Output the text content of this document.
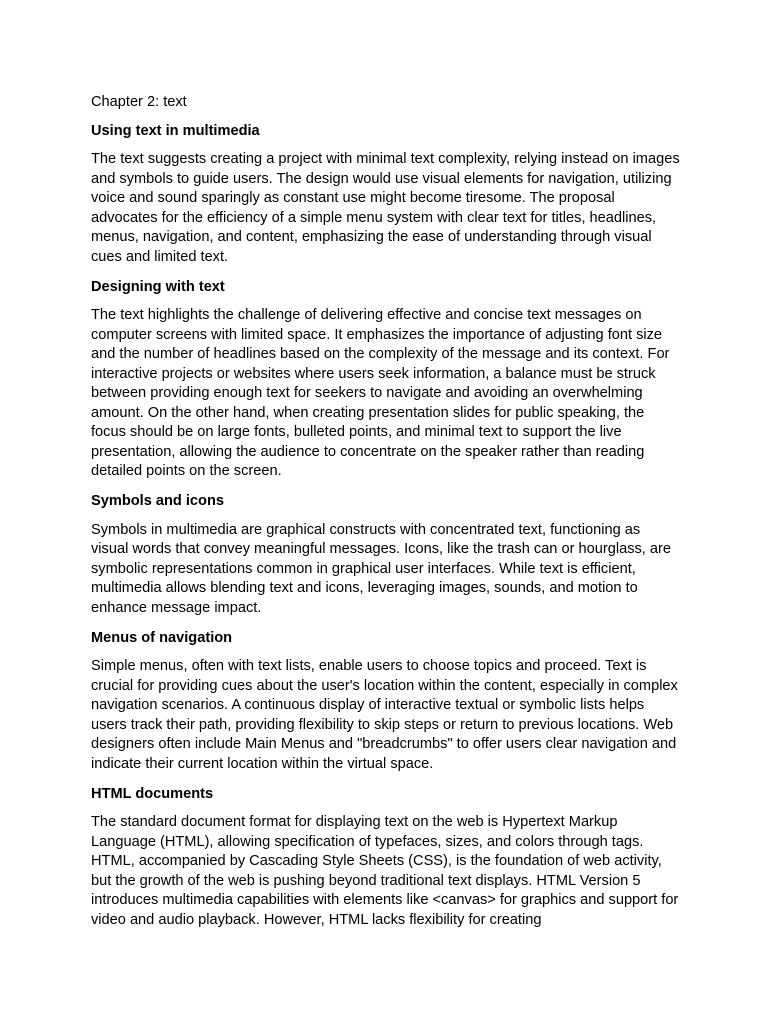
Chapter 2: text

Using text in multimedia

The text suggests creating a project with minimal text complexity, relying instead on images and symbols to guide users. The design would use visual elements for navigation, utilizing voice and sound sparingly as constant use might become tiresome. The proposal advocates for the efficiency of a simple menu system with clear text for titles, headlines, menus, navigation, and content, emphasizing the ease of understanding through visual cues and limited text.

Designing with text

The text highlights the challenge of delivering effective and concise text messages on computer screens with limited space. It emphasizes the importance of adjusting font size and the number of headlines based on the complexity of the message and its context. For interactive projects or websites where users seek information, a balance must be struck between providing enough text for seekers to navigate and avoiding an overwhelming amount. On the other hand, when creating presentation slides for public speaking, the focus should be on large fonts, bulleted points, and minimal text to support the live presentation, allowing the audience to concentrate on the speaker rather than reading detailed points on the screen.

Symbols and icons

Symbols in multimedia are graphical constructs with concentrated text, functioning as visual words that convey meaningful messages. Icons, like the trash can or hourglass, are symbolic representations common in graphical user interfaces. While text is efficient, multimedia allows blending text and icons, leveraging images, sounds, and motion to enhance message impact.

Menus of navigation

Simple menus, often with text lists, enable users to choose topics and proceed. Text is crucial for providing cues about the user's location within the content, especially in complex navigation scenarios. A continuous display of interactive textual or symbolic lists helps users track their path, providing flexibility to skip steps or return to previous locations. Web designers often include Main Menus and "breadcrumbs" to offer users clear navigation and indicate their current location within the virtual space.

HTML documents

The standard document format for displaying text on the web is Hypertext Markup Language (HTML), allowing specification of typefaces, sizes, and colors through tags. HTML, accompanied by Cascading Style Sheets (CSS), is the foundation of web activity, but the growth of the web is pushing beyond traditional text displays. HTML Version 5 introduces multimedia capabilities with elements like <canvas> for graphics and support for video and audio playback. However, HTML lacks flexibility for creating
